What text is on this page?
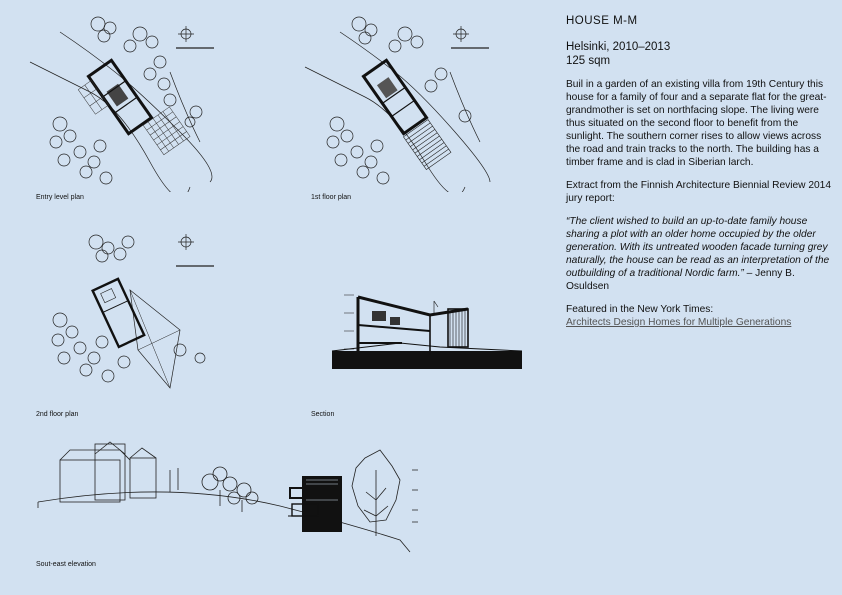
Entry level plan	1st floor plan
2nd floor plan	Section
Sout-east elevation

HOUSE M-M

Helsinki, 2010–2013

125 sqm

Buil in a garden of an existing villa from 19th Century this house for a family of four and a separate flat for the great-grandmother is set on northfacing slope. The living were thus situated on the second floor to benefit from the sunlight. The southern corner rises to allow views across the road and train tracks to the north. The building has a timber frame and is clad in Siberian larch.

Extract from the Finnish Architecture Biennial Review 2014 jury report:

“The client wished to build an up-to-date family house sharing a plot with an older home occupied by the older generation. With its untreated wooden facade turning grey naturally, the house can be read as an interpretation of the outbuilding of a traditional Nordic farm.” – Jenny B. Osuldsen

Featured in the New York Times:

Architects Design Homes for Multiple Generations
